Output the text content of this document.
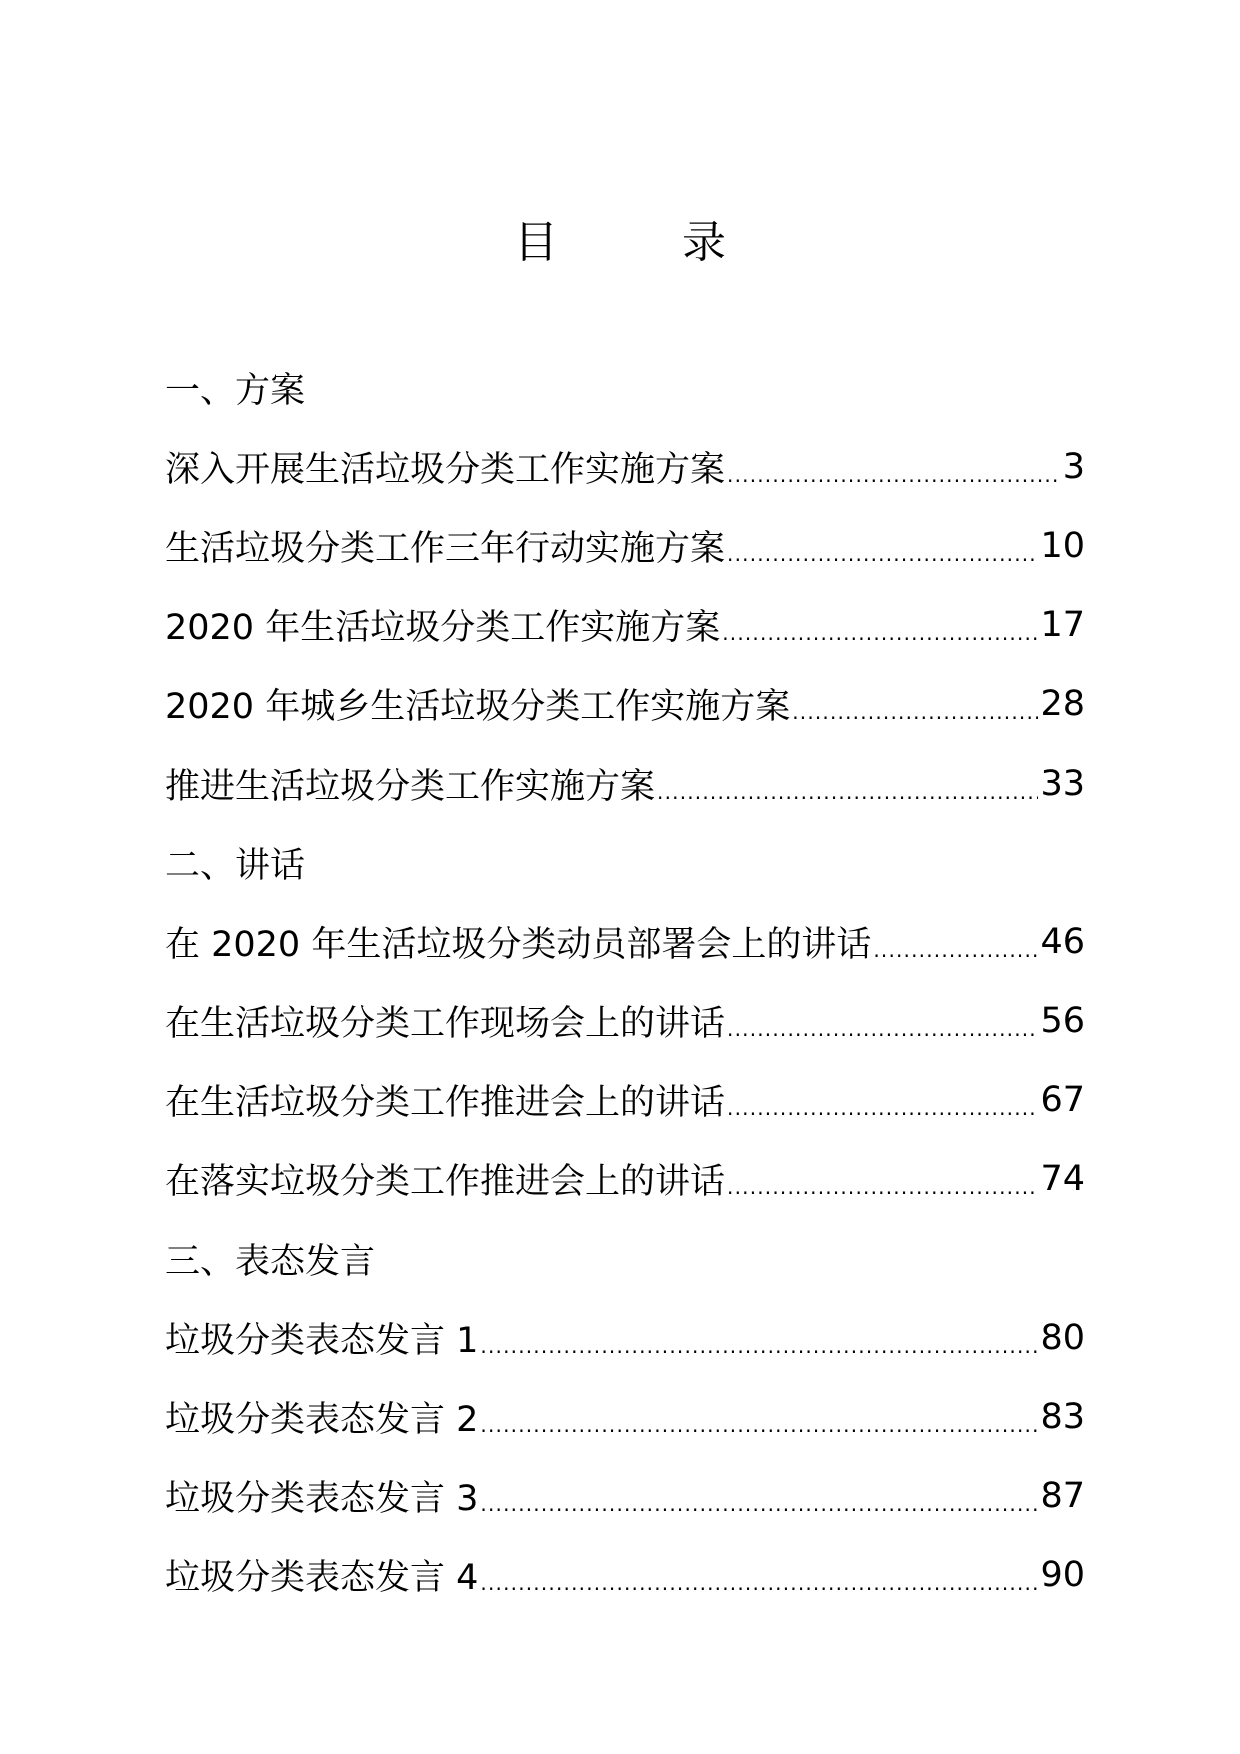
目　录
一、方案
深入开展生活垃圾分类工作实施方案 .....	3
生活垃圾分类工作三年行动实施方案 .....	10
2020 年生活垃圾分类工作实施方案 .....	17
2020 年城乡生活垃圾分类工作实施方案 .....	28
推进生活垃圾分类工作实施方案 .....	33
二、讲话
在 2020 年生活垃圾分类动员部署会上的讲话 .....	46
在生活垃圾分类工作现场会上的讲话 .....	56
在生活垃圾分类工作推进会上的讲话 .....	67
在落实垃圾分类工作推进会上的讲话 .....	74
三、表态发言
垃圾分类表态发言 1 .....	80
垃圾分类表态发言 2 .....	83
垃圾分类表态发言 3 .....	87
垃圾分类表态发言 4 .....	90
